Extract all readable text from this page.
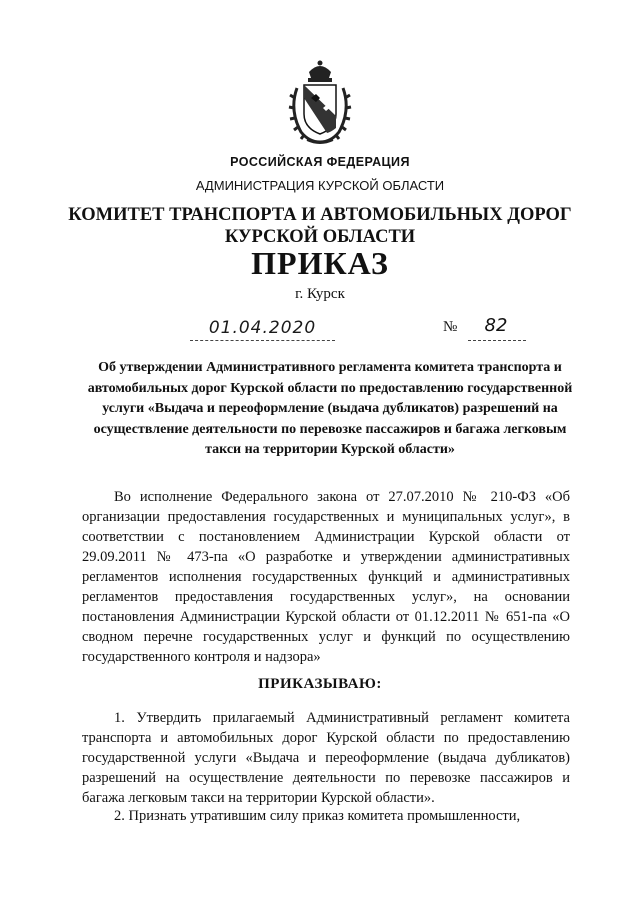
РОССИЙСКАЯ ФЕДЕРАЦИЯ
АДМИНИСТРАЦИЯ КУРСКОЙ ОБЛАСТИ
КОМИТЕТ ТРАНСПОРТА И АВТОМОБИЛЬНЫХ ДОРОГ
КУРСКОЙ ОБЛАСТИ
ПРИКАЗ
г. Курск
01.04.2020	№	82
Об утверждении Административного регламента комитета транспорта и автомобильных дорог Курской области по предоставлению государственной услуги «Выдача и переоформление (выдача дубликатов) разрешений на осуществление деятельности по перевозке пассажиров и багажа легковым такси на территории Курской области»
Во исполнение Федерального закона от 27.07.2010 № 210-ФЗ «Об организации предоставления государственных и муниципальных услуг», в соответствии с постановлением Администрации Курской области от 29.09.2011 № 473-па «О разработке и утверждении административных регламентов исполнения государственных функций и административных регламентов предоставления государственных услуг», на основании постановления Администрации Курской области от 01.12.2011 № 651-па «О сводном перечне государственных услуг и функций по осуществлению государственного контроля и надзора»
ПРИКАЗЫВАЮ:
1. Утвердить прилагаемый Административный регламент комитета транспорта и автомобильных дорог Курской области по предоставлению государственной услуги «Выдача и переоформление (выдача дубликатов) разрешений на осуществление деятельности по перевозке пассажиров и багажа легковым такси на территории Курской области».
2. Признать утратившим силу приказ комитета промышленности,
